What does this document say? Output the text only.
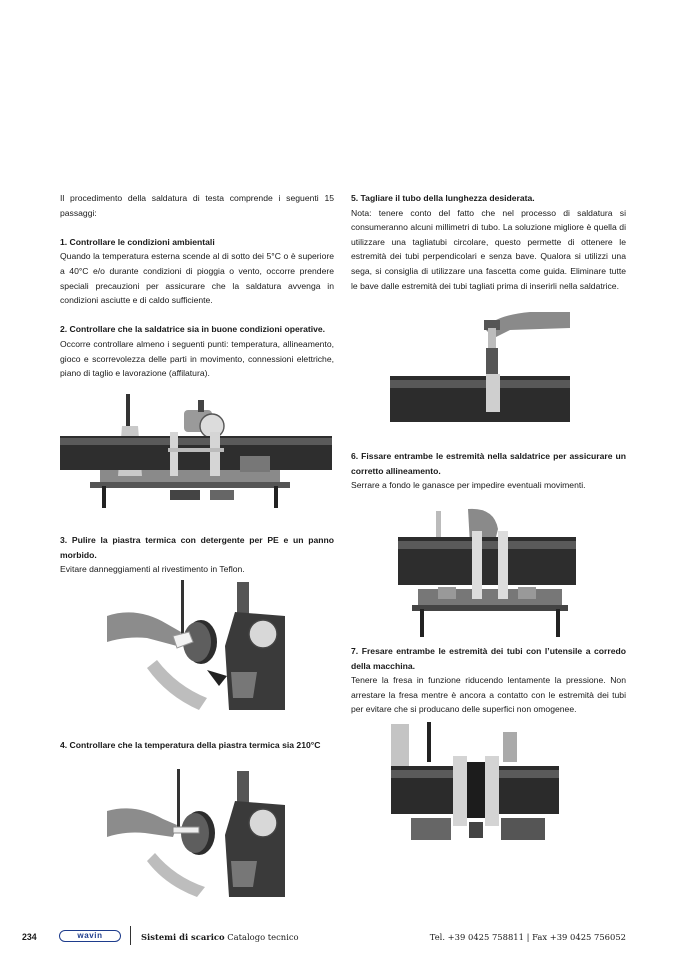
Il procedimento della saldatura di testa comprende i seguenti 15 passaggi:

1. Controllare le condizioni ambientali

Quando la temperatura esterna scende al di sotto dei 5°C o è superiore a 40°C e/o durante condizioni di pioggia o vento, occorre prendere speciali precauzioni per assicurare che la saldatura avvenga in condizioni asciutte e di caldo sufficiente.

2. Controllare che la saldatrice sia in buone condizioni operative.

Occorre controllare almeno i seguenti punti: temperatura, allineamento, gioco e scorrevolezza delle parti in movimento, connessioni elettriche, piano di taglio e lavorazione (affilatura).

3. Pulire la piastra termica con detergente per PE e un panno morbido.

Evitare danneggiamenti al rivestimento in Teflon.

4. Controllare che la temperatura della piastra termica sia 210°C

5. Tagliare il tubo della lunghezza desiderata.

Nota: tenere conto del fatto che nel processo di saldatura si consumeranno alcuni millimetri di tubo. La soluzione migliore è quella di utilizzare una tagliatubi circolare, questo permette di ottenere le estremità dei tubi perpendicolari e senza bave. Qualora si utilizzi una sega, si consiglia di utilizzare una fascetta come guida. Eliminare tutte le bave dalle estremità dei tubi tagliati prima di inserirli nella saldatrice.

6. Fissare entrambe le estremità nella saldatrice per assicurare un corretto allineamento.

Serrare a fondo le ganasce per impedire eventuali movimenti.

7. Fresare entrambe le estremità dei tubi con l’utensile a corredo della macchina.

Tenere la fresa in funzione riducendo lentamente la pressione. Non arrestare la fresa mentre è ancora a contatto con le estremità dei tubi per evitare che si producano delle superfici non omogenee.

234	wavin	Sistemi di scarico Catalogo tecnico	Tel. +39 0425 758811 | Fax +39 0425 756052
